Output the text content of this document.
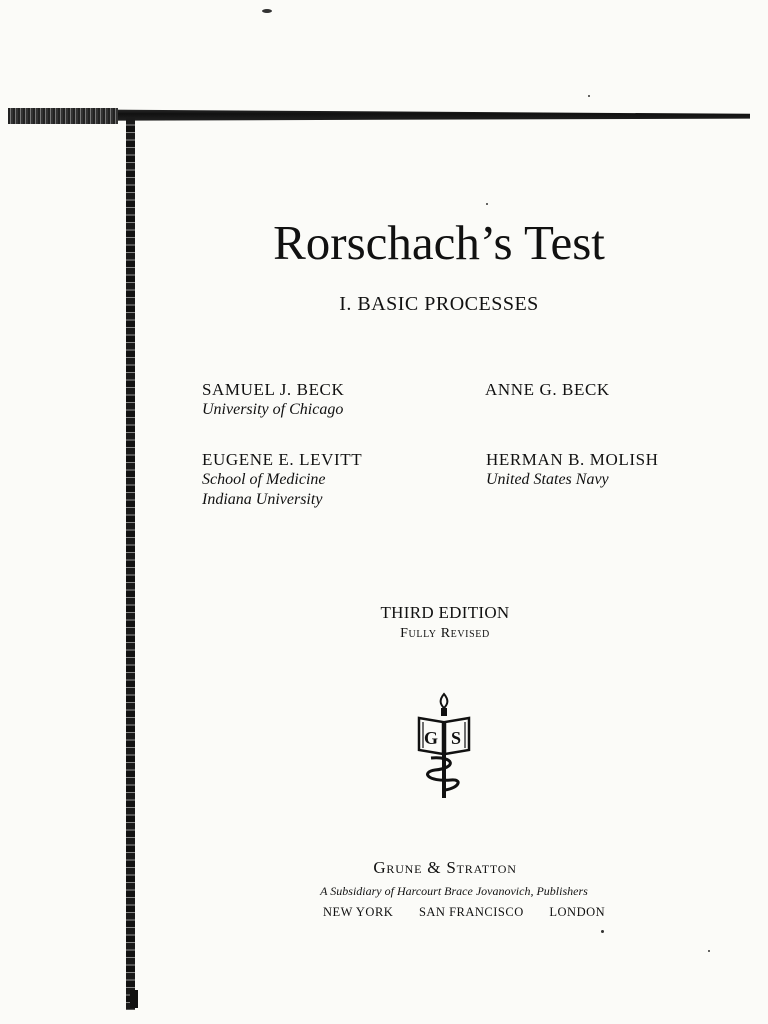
Rorschach’s Test
I. BASIC PROCESSES
SAMUEL J. BECK
University of Chicago
ANNE G. BECK
EUGENE E. LEVITT
School of Medicine
Indiana University
HERMAN B. MOLISH
United States Navy
THIRD EDITION
Fully Revised
G S
Grune & Stratton
A Subsidiary of Harcourt Brace Jovanovich, Publishers
NEW YORK SAN FRANCISCO LONDON
